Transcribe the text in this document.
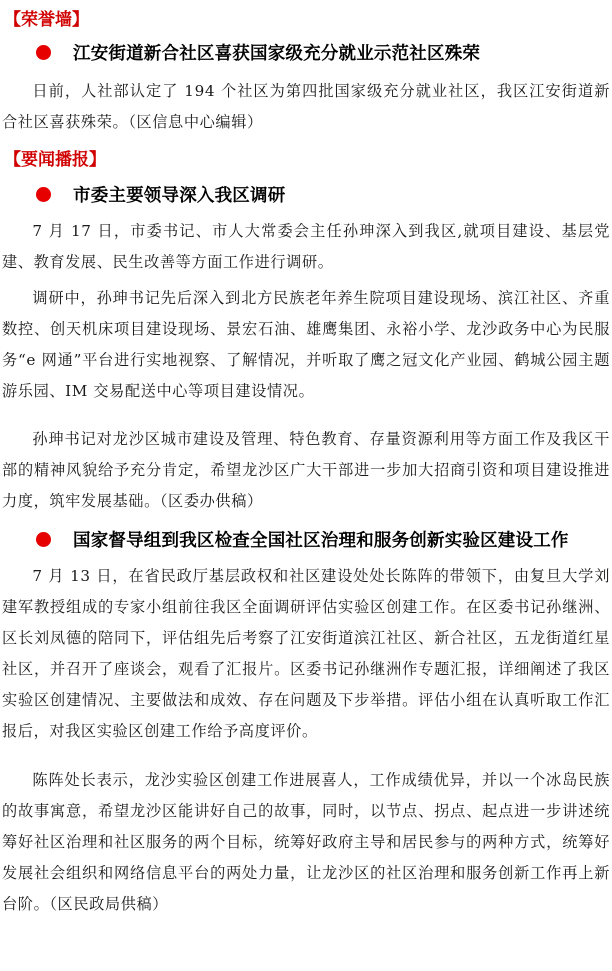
【荣誉墙】
江安街道新合社区喜获国家级充分就业示范社区殊荣

日前，人社部认定了 194 个社区为第四批国家级充分就业社区，我区江安街道新合社区喜获殊荣。（区信息中心编辑）

【要闻播报】
市委主要领导深入我区调研

7 月 17 日，市委书记、市人大常委会主任孙珅深入到我区,就项目建设、基层党建、教育发展、民生改善等方面工作进行调研。

调研中，孙珅书记先后深入到北方民族老年养生院项目建设现场、滨江社区、齐重数控、创天机床项目建设现场、景宏石油、雄鹰集团、永裕小学、龙沙政务中心为民服务“e 网通”平台进行实地视察、了解情况，并听取了鹰之冠文化产业园、鹤城公园主题游乐园、IM 交易配送中心等项目建设情况。

孙珅书记对龙沙区城市建设及管理、特色教育、存量资源利用等方面工作及我区干部的精神风貌给予充分肯定，希望龙沙区广大干部进一步加大招商引资和项目建设推进力度，筑牢发展基础。（区委办供稿）

国家督导组到我区检查全国社区治理和服务创新实验区建设工作

7 月 13 日，在省民政厅基层政权和社区建设处处长陈阵的带领下，由复旦大学刘建军教授组成的专家小组前往我区全面调研评估实验区创建工作。在区委书记孙继洲、区长刘凤德的陪同下，评估组先后考察了江安街道滨江社区、新合社区，五龙街道红星社区，并召开了座谈会，观看了汇报片。区委书记孙继洲作专题汇报，详细阐述了我区实验区创建情况、主要做法和成效、存在问题及下步举措。评估小组在认真听取工作汇报后，对我区实验区创建工作给予高度评价。

陈阵处长表示，龙沙实验区创建工作进展喜人，工作成绩优异，并以一个冰岛民族的故事寓意，希望龙沙区能讲好自己的故事，同时，以节点、拐点、起点进一步讲述统筹好社区治理和社区服务的两个目标，统筹好政府主导和居民参与的两种方式，统筹好发展社会组织和网络信息平台的两处力量，让龙沙区的社区治理和服务创新工作再上新台阶。（区民政局供稿）
